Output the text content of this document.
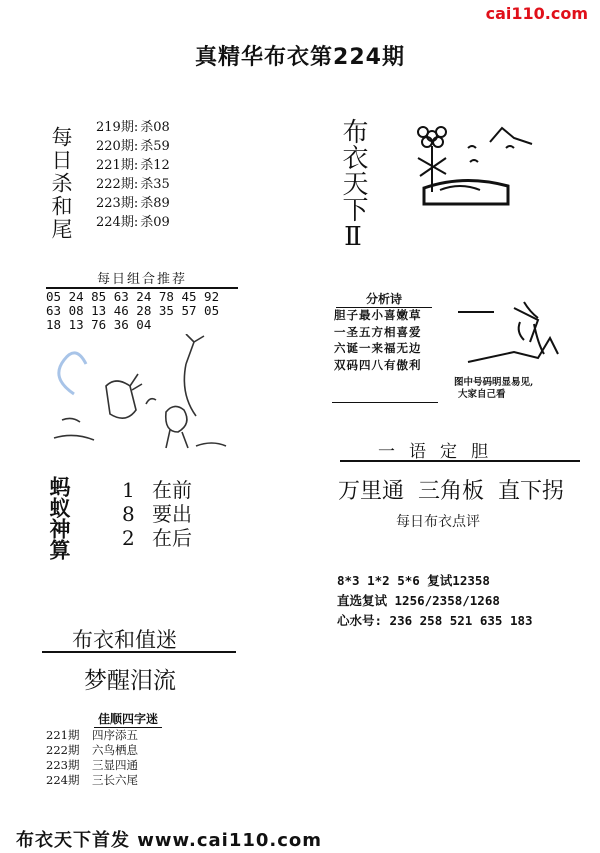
cai110.com
真精华布衣第224期
每日杀和尾 219期: 杀08
220期: 杀59
221期: 杀12
222期: 杀35
223期: 杀89
224期: 杀09	布衣天下Ⅱ
每日组合推荐
05 24 85 63 24 78 45 92
63 08 13 46 28 35 57 05
18 13 76 36 04
蚂蚁神算	1 在前
8 要出
2 在后
布衣和值迷
梦醒泪流
佳顺四字迷
221期 四序添五
222期 六鸟栖息
223期 三显四通
224期 三长六尾
分析诗
胆子最小喜嫩草
一圣五方相喜爱
六诞一来福无边
双码四八有傲利
图中号码明显易见,
大家自己看
一语定胆
万里通  三角板  直下拐
每日布衣点评
8*3 1*2 5*6 复试12358
直选复试 1256/2358/1268
心水号: 236 258 521 635 183
布衣天下首发 www.cai110.com
